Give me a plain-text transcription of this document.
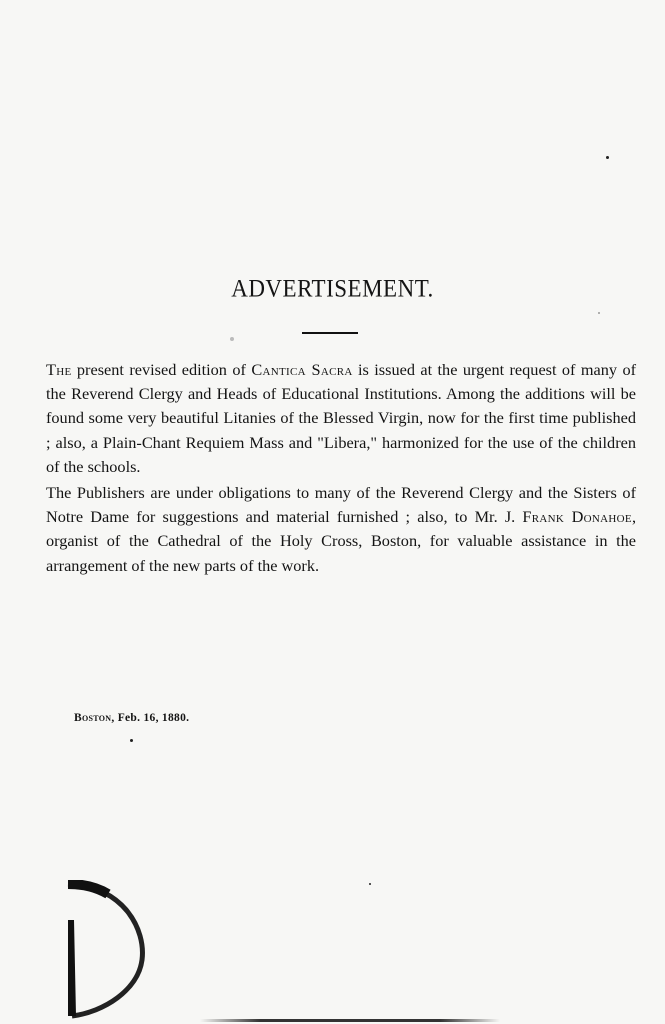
ADVERTISEMENT.

The present revised edition of Cantica Sacra is issued at the urgent request of many of the Reverend Clergy and Heads of Educational Institutions. Among the additions will be found some very beautiful Litanies of the Blessed Virgin, now for the first time published ; also, a Plain-Chant Requiem Mass and "Libera," harmonized for the use of the children of the schools.

The Publishers are under obligations to many of the Reverend Clergy and the Sisters of Notre Dame for suggestions and material furnished ; also, to Mr. J. Frank Donahoe, organist of the Cathedral of the Holy Cross, Boston, for valuable assistance in the arrangement of the new parts of the work.

Boston, Feb. 16, 1880.
